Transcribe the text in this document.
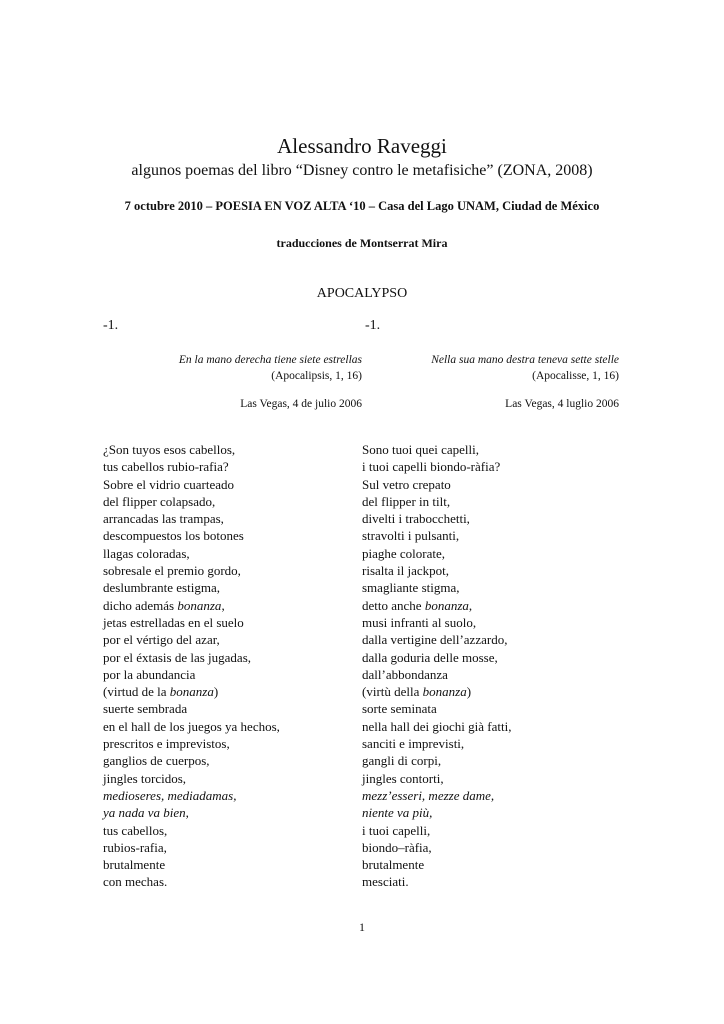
Alessandro Raveggi
algunos poemas del libro “Disney contro le metafisiche” (ZONA, 2008)
7 octubre 2010 – POESIA EN VOZ ALTA ‘10 – Casa del Lago UNAM, Ciudad de México
traducciones de Montserrat Mira
APOCALYPSO
-1.	-1.
En la mano derecha tiene siete estrellas
(Apocalipsis, 1, 16)
Nella sua mano destra teneva sette stelle
(Apocalisse, 1, 16)
Las Vegas, 4 de julio 2006	Las Vegas, 4 luglio 2006
¿Son tuyos esos cabellos,
tus cabellos rubio-rafia?
Sobre el vidrio cuarteado
del flipper colapsado,
arrancadas las trampas,
descompuestos los botones
llagas coloradas,
sobresale el premio gordo,
deslumbrante estigma,
dicho además bonanza,
jetas estrelladas en el suelo
por el vértigo del azar,
por el éxtasis de las jugadas,
por la abundancia
(virtud de la bonanza)
suerte sembrada
en el hall de los juegos ya hechos,
prescritos e imprevistos,
ganglios de cuerpos,
jingles torcidos,
medioseres, mediadamas,
ya nada va bien,
tus cabellos,
rubios-rafia,
brutalmente
con mechas.
Sono tuoi quei capelli,
i tuoi capelli biondo-ràfia?
Sul vetro crepato
del flipper in tilt,
divelti i trabocchetti,
stravolti i pulsanti,
piaghe colorate,
risalta il jackpot,
smagliante stigma,
detto anche bonanza,
musi infranti al suolo,
dalla vertigine dell’azzardo,
dalla goduria delle mosse,
dall’abbondanza
(virtù della bonanza)
sorte seminata
nella hall dei giochi già fatti,
sanciti e imprevisti,
gangli di corpi,
jingles contorti,
mezz’esseri, mezze dame,
niente va più,
i tuoi capelli,
biondo–ràfia,
brutalmente
mesciati.
1
